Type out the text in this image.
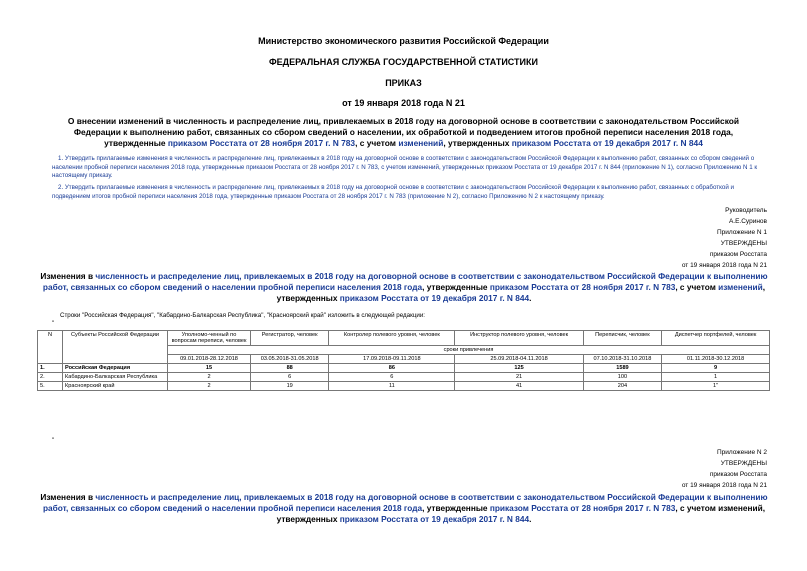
Министерство экономического развития Российской Федерации
ФЕДЕРАЛЬНАЯ СЛУЖБА ГОСУДАРСТВЕННОЙ СТАТИСТИКИ
ПРИКАЗ
от 19 января 2018 года N 21
О внесении изменений в численность и распределение лиц, привлекаемых в 2018 году на договорной основе в соответствии с законодательством Российской
Федерации к выполнению работ, связанных со сбором сведений о населении, их обработкой и подведением итогов пробной переписи населения 2018 года,
утвержденные приказом Росстата от 28 ноября 2017 г. N 783, с учетом изменений, утвержденных приказом Росстата от 19 декабря 2017 г. N 844
1. Утвердить прилагаемые изменения в численность и распределение лиц, привлекаемых в 2018 году на договорной основе в соответствии с законодательством Российской Федерации к выполнению работ, связанных со сбором сведений о населении пробной переписи населения 2018 года, утвержденные приказом Росстата от 28 ноября 2017 г. N 783, с учетом изменений, утвержденных приказом Росстата от 19 декабря 2017 г. N 844 (приложение N 1), согласно Приложению N 1 к настоящему приказу.
2. Утвердить прилагаемые изменения в численность и распределение лиц, привлекаемых в 2018 году на договорной основе в соответствии с законодательством Российской Федерации к выполнению работ, связанных с обработкой и подведением итогов пробной переписи населения 2018 года, утвержденные приказом Росстата от 28 ноября 2017 г. N 783 (приложение N 2), согласно Приложению N 2 к настоящему приказу.
Руководитель
А.Е.Суринов
Приложение N 1
УТВЕРЖДЕНЫ
приказом Росстата
от 19 января 2018 года N 21
Изменения в численность и распределение лиц, привлекаемых в 2018 году на договорной основе в соответствии с законодательством Российской Федерации к выполнению работ, связанных со сбором сведений о населении пробной переписи населения 2018 года, утвержденные приказом Росстата от 28 ноября 2017 г. N 783, с учетом изменений, утвержденных приказом Росстата от 19 декабря 2017 г. N 844.
Строки "Российская Федерация", "Кабардино-Балкарская Республика", "Красноярский край" изложить в следующей редакции:
"
N	Субъекты Российской Федерации	Уполномо-ченный по вопросам переписи, человек	Регистратор, человек	Контролер полевого уровня, человек	Инструктор полевого уровня, человек	Переписчик, человек	Диспетчер портфелей, человек
		сроки привлечения					
		09.01.2018-28.12.2018	03.05.2018-31.05.2018	17.09.2018-09.11.2018	25.09.2018-04.11.2018	07.10.2018-31.10.2018	01.11.2018-30.12.2018
1.	Российская Федерация	15	88	86	125	1589	9
2.	Кабардино-Балкарская Республика	2	6	6	21	100	1
5.	Красноярский край	2	19	11	41	204	1"
"
Приложение N 2
УТВЕРЖДЕНЫ
приказом Росстата
от 19 января 2018 года N 21
Изменения в численность и распределение лиц, привлекаемых в 2018 году на договорной основе в соответствии с законодательством Российской Федерации к выполнению работ, связанных со сбором сведений о населении пробной переписи населения 2018 года, утвержденные приказом Росстата от 28 ноября 2017 г. N 783, с учетом изменений, утвержденных приказом Росстата от 19 декабря 2017 г. N 844.
